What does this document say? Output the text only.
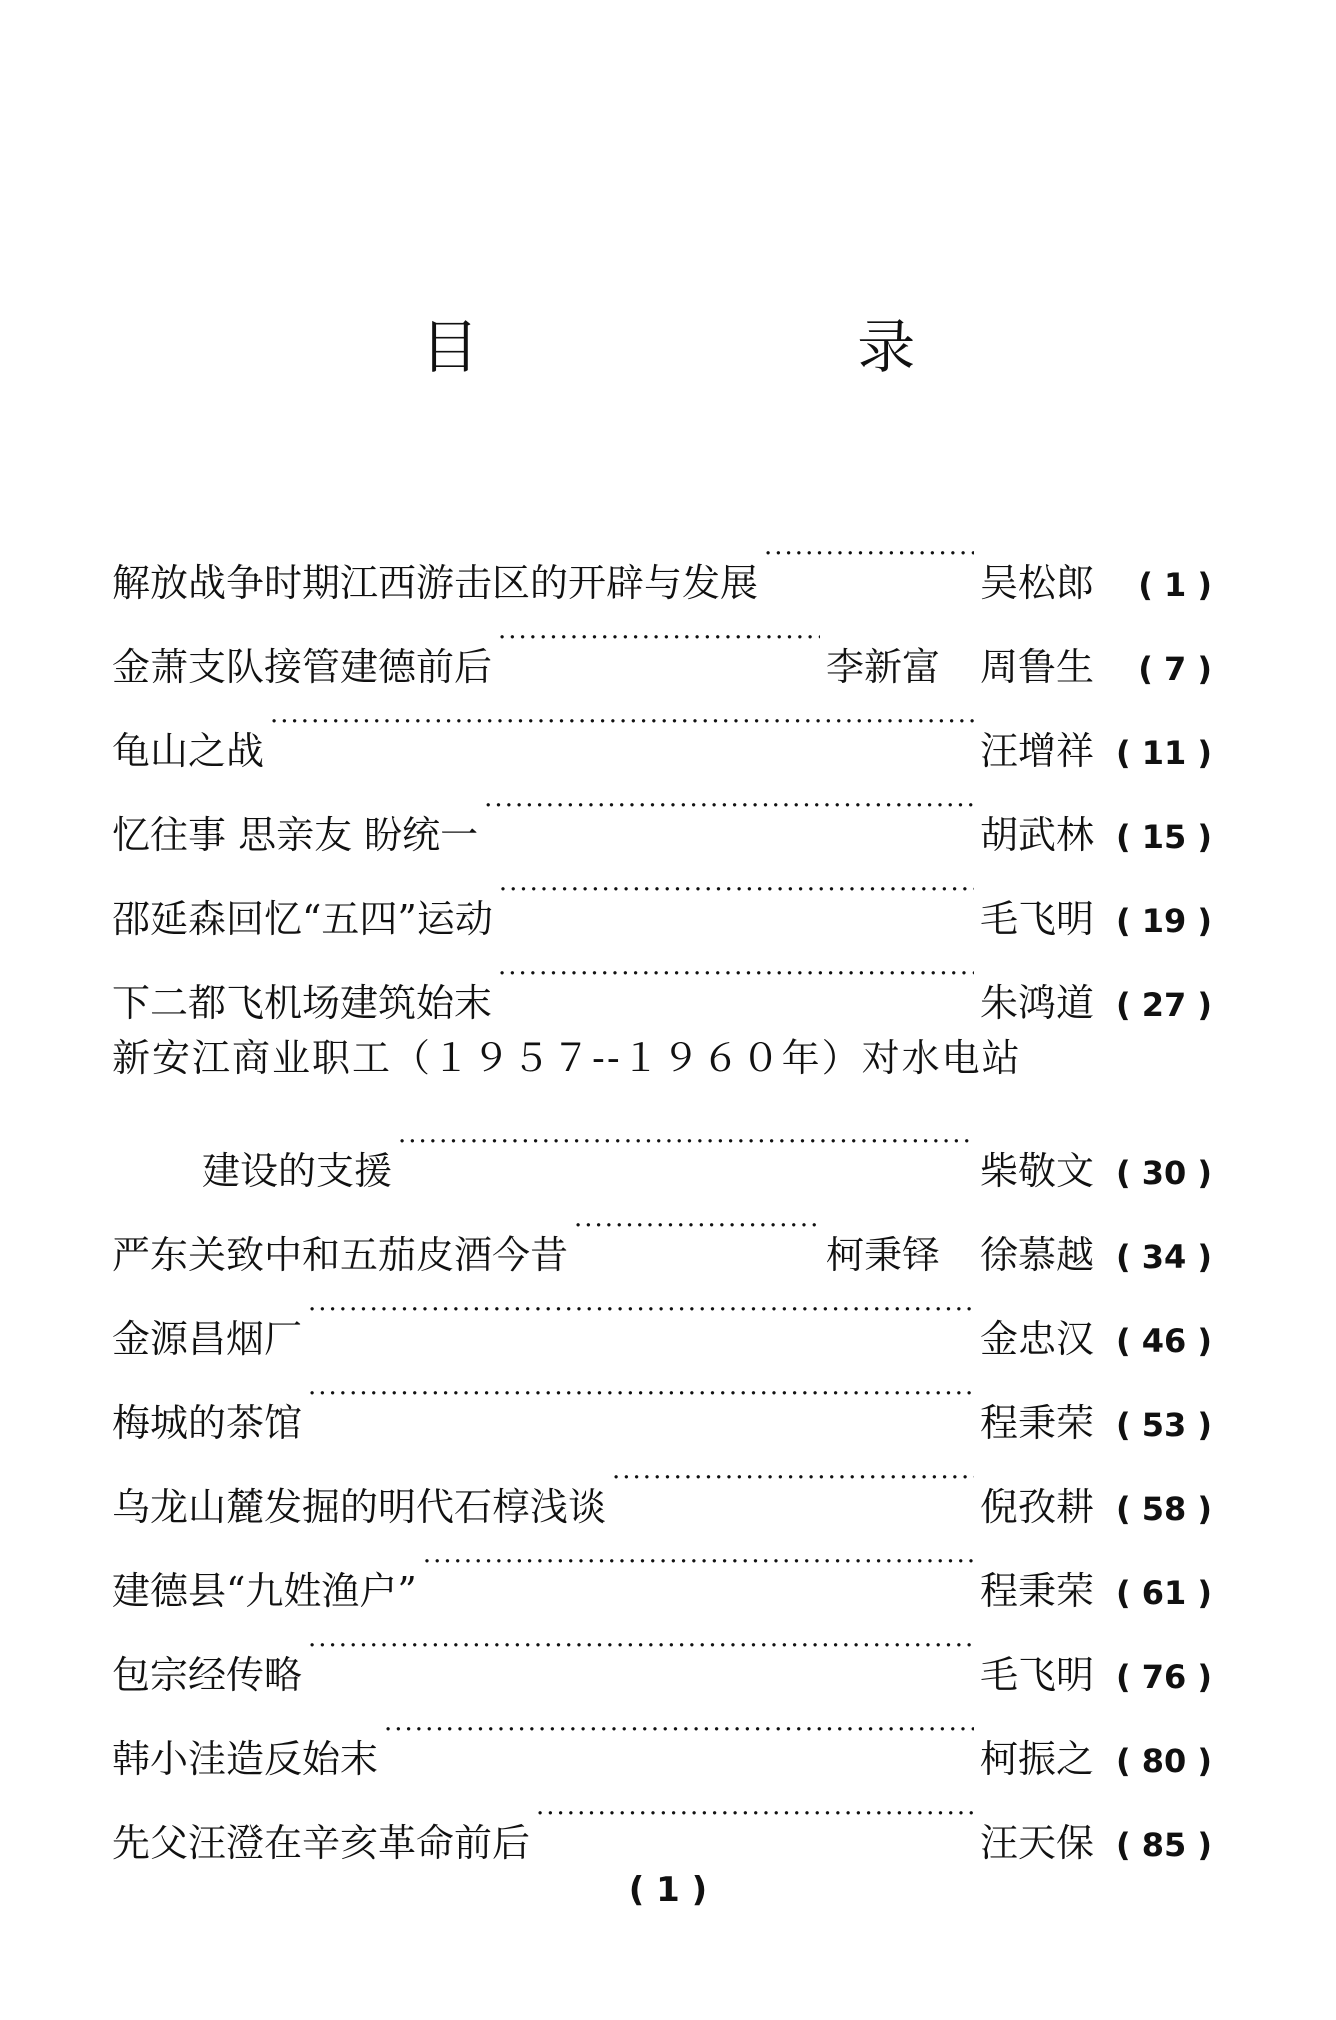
目 录
解放战争时期江西游击区的开辟与发展 ·····	吴松郎	( 1 )
金萧支队接管建德前后 ·····	李新富 周鲁生	( 7 )
龟山之战 ·····	汪增祥 ( 11 )
忆往事 思亲友 盼统一 ·····	胡武林 ( 15 )
邵延森回忆“五四”运动 ·····	毛飞明 ( 19 )
下二都飞机场建筑始末 ·····	朱鸿道 ( 27 )
新安江商业职工（１９５７--１９６０年）对水电站
建设的支援 ·····	柴敬文 ( 30 )
严东关致中和五茄皮酒今昔 ·····	柯秉铎 徐慕越 ( 34 )
金源昌烟厂 ·····	金忠汉 ( 46 )
梅城的茶馆 ·····	程秉荣 ( 53 )
乌龙山麓发掘的明代石椁浅谈 ·····	倪孜耕 ( 58 )
建德县“九姓渔户” ·····	程秉荣 ( 61 )
包宗经传略 ·····	毛飞明 ( 76 )
韩小洼造反始末 ·····	柯振之 ( 80 )
先父汪澄在辛亥革命前后 ·····	汪天保 ( 85 )
( 1 )
